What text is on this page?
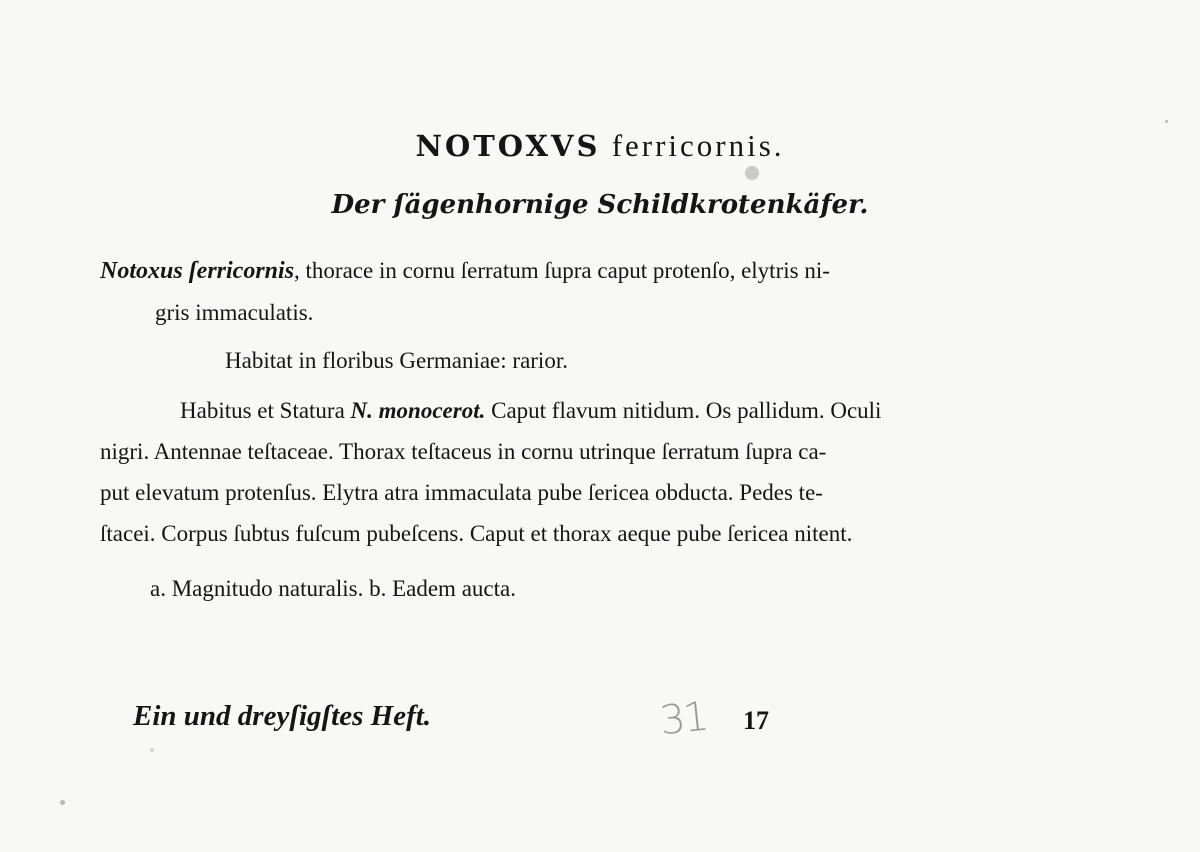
NOTOXVS ferricornis.
Der ſägenhornige Schildkrotenkäfer.
Notoxus ſerricornis, thorace in cornu ſerratum ſupra caput protenſo, elytris ni-
gris immaculatis.
Habitat in floribus Germaniae: rarior.
Habitus et Statura N. monocerot. Caput flavum nitidum. Os pallidum. Oculi
nigri. Antennae teſtaceae. Thorax teſtaceus in cornu utrinque ſerratum ſupra ca-
put elevatum protenſus. Elytra atra immaculata pube ſericea obducta. Pedes te-
ſtacei. Corpus ſubtus fuſcum pubeſcens. Caput et thorax aeque pube ſericea nitent.
a. Magnitudo naturalis. b. Eadem aucta.
Ein und dreyſigſtes Heft.	31 17
